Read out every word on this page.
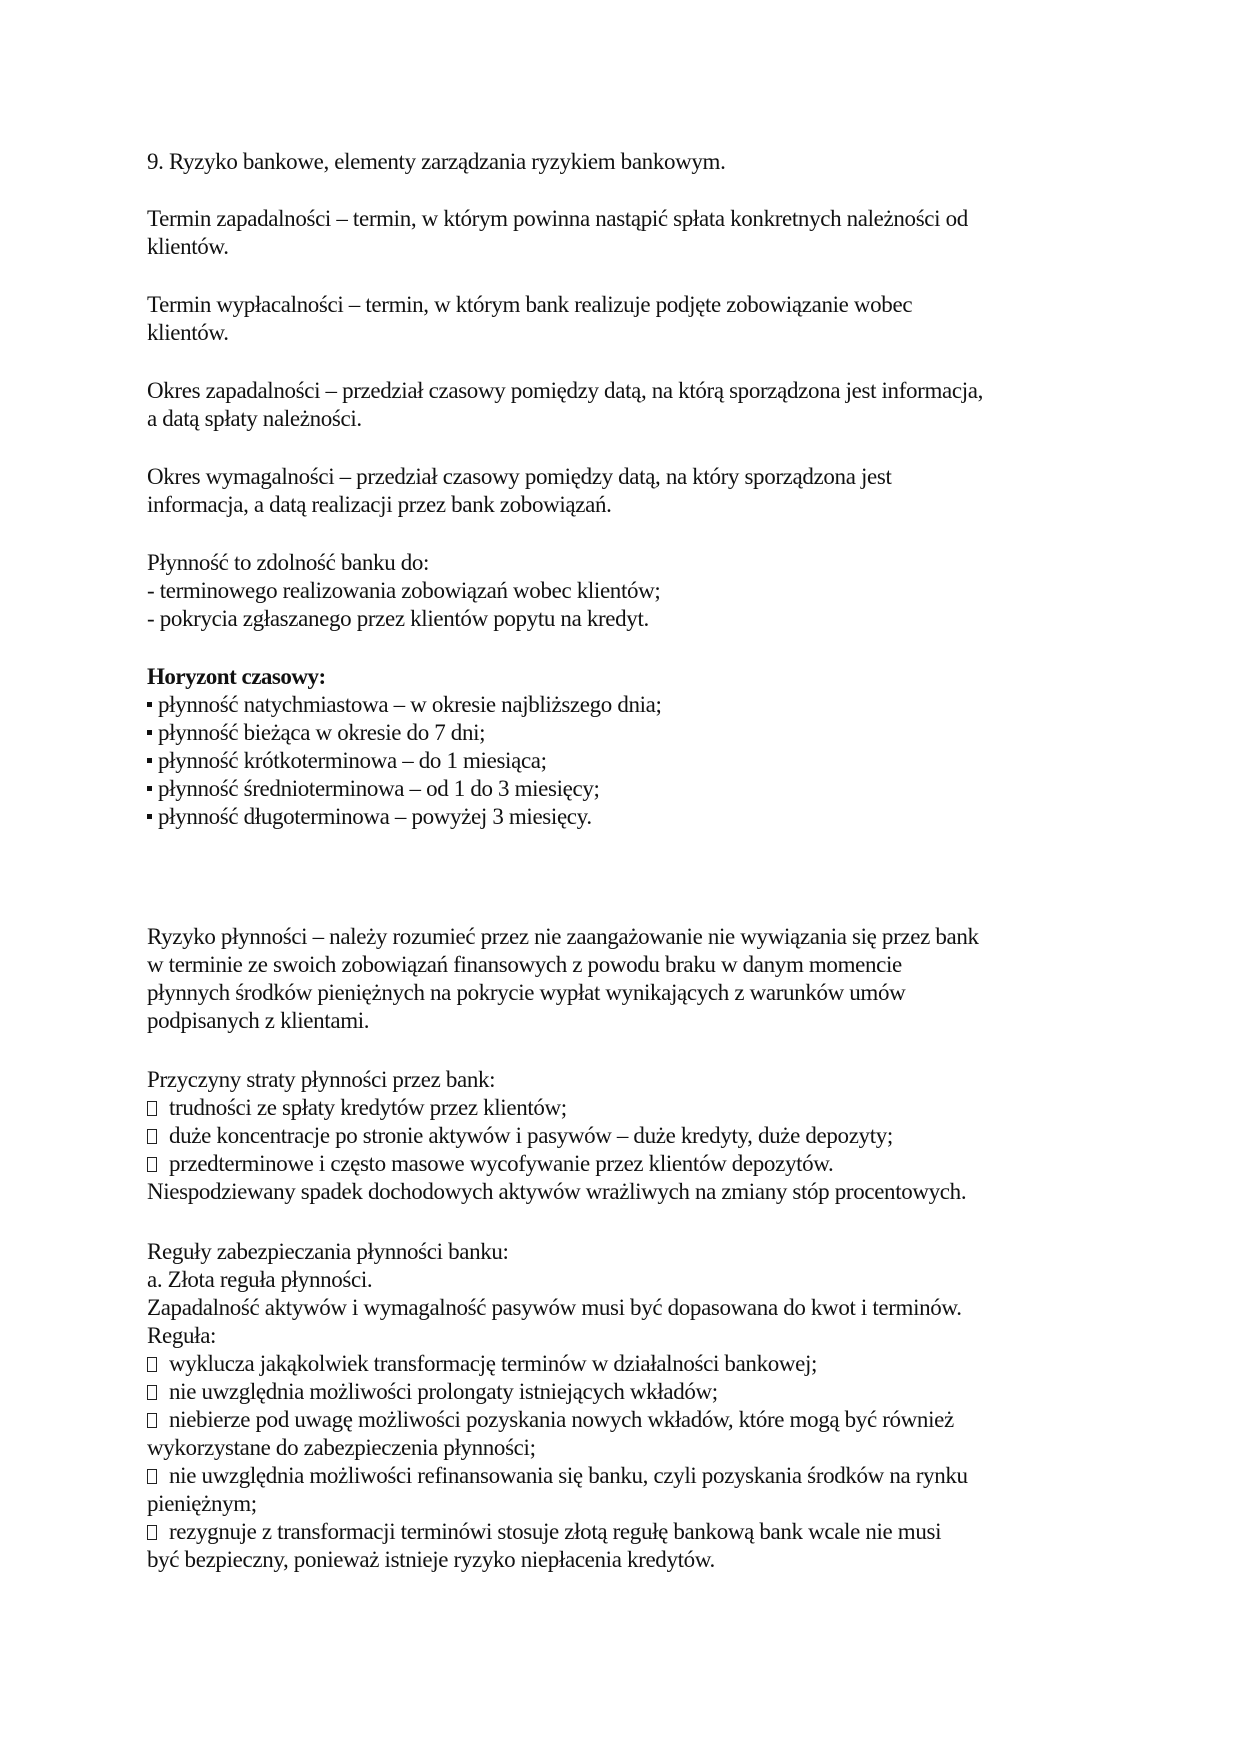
9. Ryzyko bankowe, elementy zarządzania ryzykiem bankowym.
Termin zapadalności – termin, w którym powinna nastąpić spłata konkretnych należności od
klientów.
Termin wypłacalności – termin, w którym bank realizuje podjęte zobowiązanie wobec
klientów.
Okres zapadalności – przedział czasowy pomiędzy datą, na którą sporządzona jest informacja,
a datą spłaty należności.
Okres wymagalności – przedział czasowy pomiędzy datą, na który sporządzona jest
informacja, a datą realizacji przez bank zobowiązań.
Płynność to zdolność banku do:
- terminowego realizowania zobowiązań wobec klientów;
- pokrycia zgłaszanego przez klientów popytu na kredyt.
Horyzont czasowy:
płynność natychmiastowa – w okresie najbliższego dnia;
płynność bieżąca w okresie do 7 dni;
płynność krótkoterminowa – do 1 miesiąca;
płynność średnioterminowa – od 1 do 3 miesięcy;
płynność długoterminowa – powyżej 3 miesięcy.
Ryzyko płynności – należy rozumieć przez nie zaangażowanie nie wywiązania się przez bank
w terminie ze swoich zobowiązań finansowych z powodu braku w danym momencie
płynnych środków pieniężnych na pokrycie wypłat wynikających z warunków umów
podpisanych z klientami.
Przyczyny straty płynności przez bank:
trudności ze spłaty kredytów przez klientów;
duże koncentracje po stronie aktywów i pasywów – duże kredyty, duże depozyty;
przedterminowe i często masowe wycofywanie przez klientów depozytów.
Niespodziewany spadek dochodowych aktywów wrażliwych na zmiany stóp procentowych.
Reguły zabezpieczania płynności banku:
a. Złota reguła płynności.
Zapadalność aktywów i wymagalność pasywów musi być dopasowana do kwot i terminów.
Reguła:
wyklucza jakąkolwiek transformację terminów w działalności bankowej;
nie uwzględnia możliwości prolongaty istniejących wkładów;
niebierze pod uwagę możliwości pozyskania nowych wkładów, które mogą być również
wykorzystane do zabezpieczenia płynności;
nie uwzględnia możliwości refinansowania się banku, czyli pozyskania środków na rynku
pieniężnym;
rezygnuje z transformacji terminówi stosuje złotą regułę bankową bank wcale nie musi
być bezpieczny, ponieważ istnieje ryzyko niepłacenia kredytów.
